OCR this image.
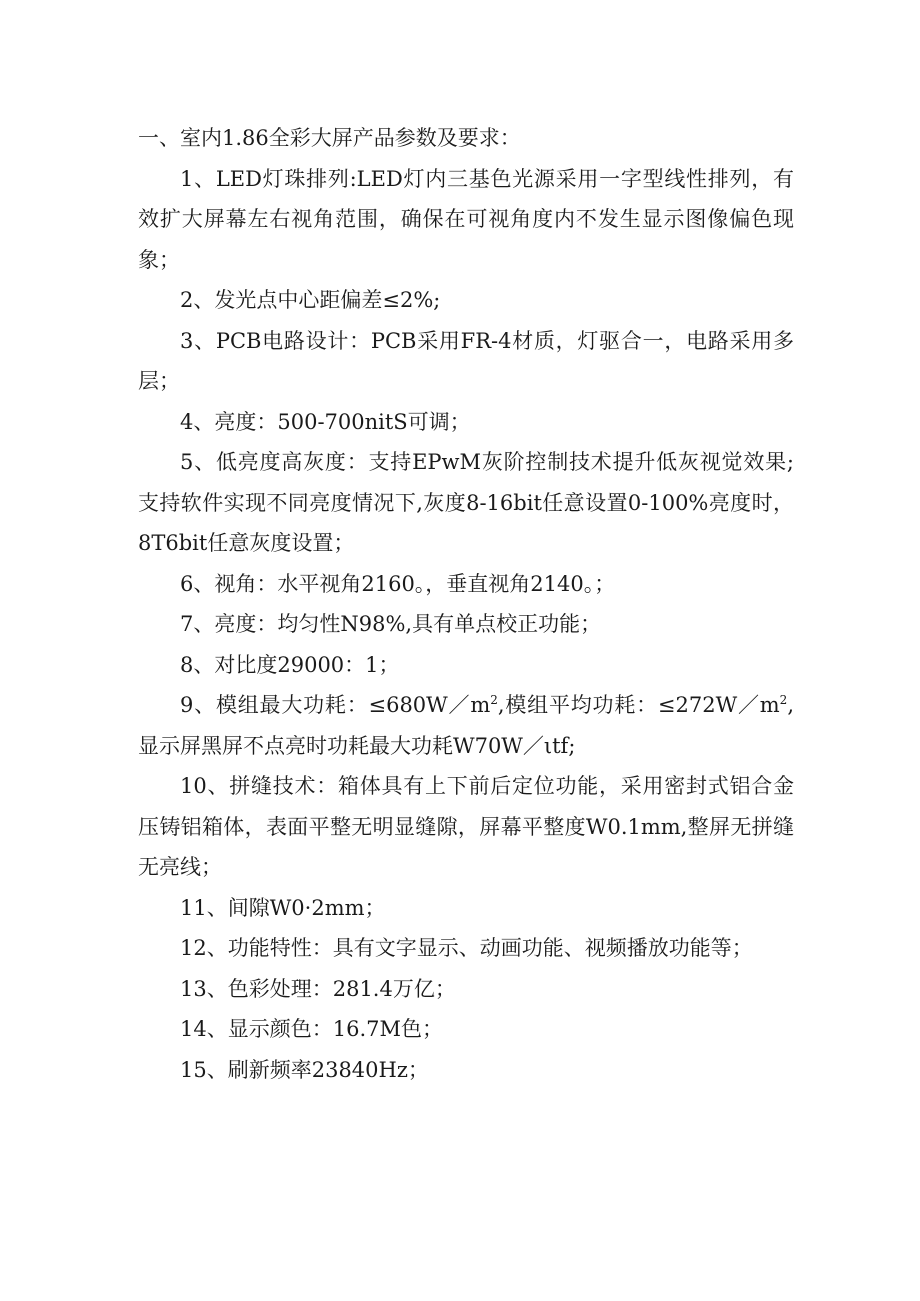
一、室内1.86全彩大屏产品参数及要求：

1、LED灯珠排列:LED灯内三基色光源采用一字型线性排列，有效扩大屏幕左右视角范围，确保在可视角度内不发生显示图像偏色现象；

2、发光点中心距偏差≤2%;

3、PCB电路设计：PCB采用FR-4材质，灯驱合一，电路采用多层；

4、亮度：500-700nitS可调；

5、低亮度高灰度：支持EPwM灰阶控制技术提升低灰视觉效果;支持软件实现不同亮度情况下,灰度8-16bit任意设置0-100%亮度时，8T6bit任意灰度设置；

6、视角：水平视角2160。，垂直视角2140。；

7、亮度：均匀性N98%,具有单点校正功能；

8、对比度29000：1；

9、模组最大功耗：$\le 680W/m^2$,模组平均功耗：$\le 272W/m^2$,显示屏黑屏不点亮时功耗最大功耗W70W／ιtf;

10、拼缝技术：箱体具有上下前后定位功能，采用密封式铝合金压铸铝箱体，表面平整无明显缝隙，屏幕平整度W0.1mm,整屏无拼缝无亮线；

11、间隙W0·2mm；

12、功能特性：具有文字显示、动画功能、视频播放功能等；

13、色彩处理：281.4万亿；

14、显示颜色：16.7M色；

15、刷新频率23840Hz；
